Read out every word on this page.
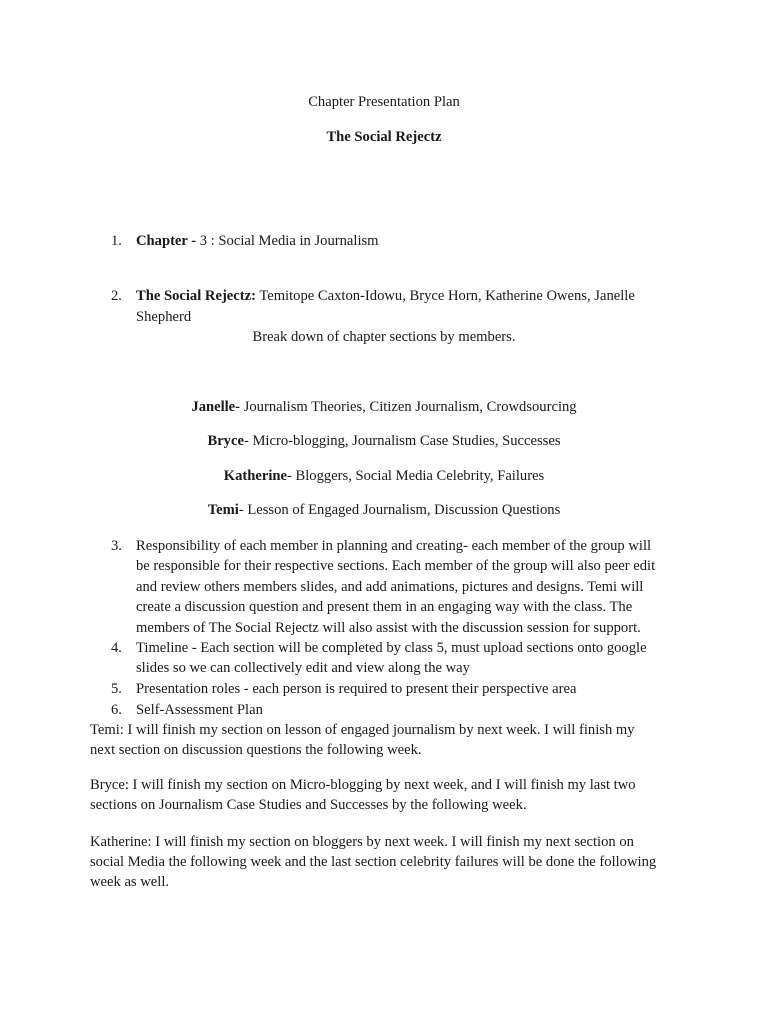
Chapter Presentation Plan
The Social Rejectz
1. Chapter - 3 : Social Media in Journalism
2. The Social Rejectz: Temitope Caxton-Idowu, Bryce Horn, Katherine Owens, Janelle
Shepherd
Break down of chapter sections by members.
Janelle- Journalism Theories, Citizen Journalism, Crowdsourcing
Bryce- Micro-blogging, Journalism Case Studies, Successes
Katherine- Bloggers, Social Media Celebrity, Failures
Temi- Lesson of Engaged Journalism, Discussion Questions
3. Responsibility of each member in planning and creating- each member of the group will
be responsible for their respective sections. Each member of the group will also peer edit
and review others members slides, and add animations, pictures and designs. Temi will
create a discussion question and present them in an engaging way with the class. The
members of The Social Rejectz will also assist with the discussion session for support.
4. Timeline - Each section will be completed by class 5, must upload sections onto google
slides so we can collectively edit and view along the way
5. Presentation roles - each person is required to present their perspective area
6. Self-Assessment Plan
Temi: I will finish my section on lesson of engaged journalism by next week. I will finish my
next section on discussion questions the following week.
Bryce: I will finish my section on Micro-blogging by next week, and I will finish my last two
sections on Journalism Case Studies and Successes by the following week.
Katherine: I will finish my section on bloggers by next week. I will finish my next section on
social Media the following week and the last section celebrity failures will be done the following
week as well.
